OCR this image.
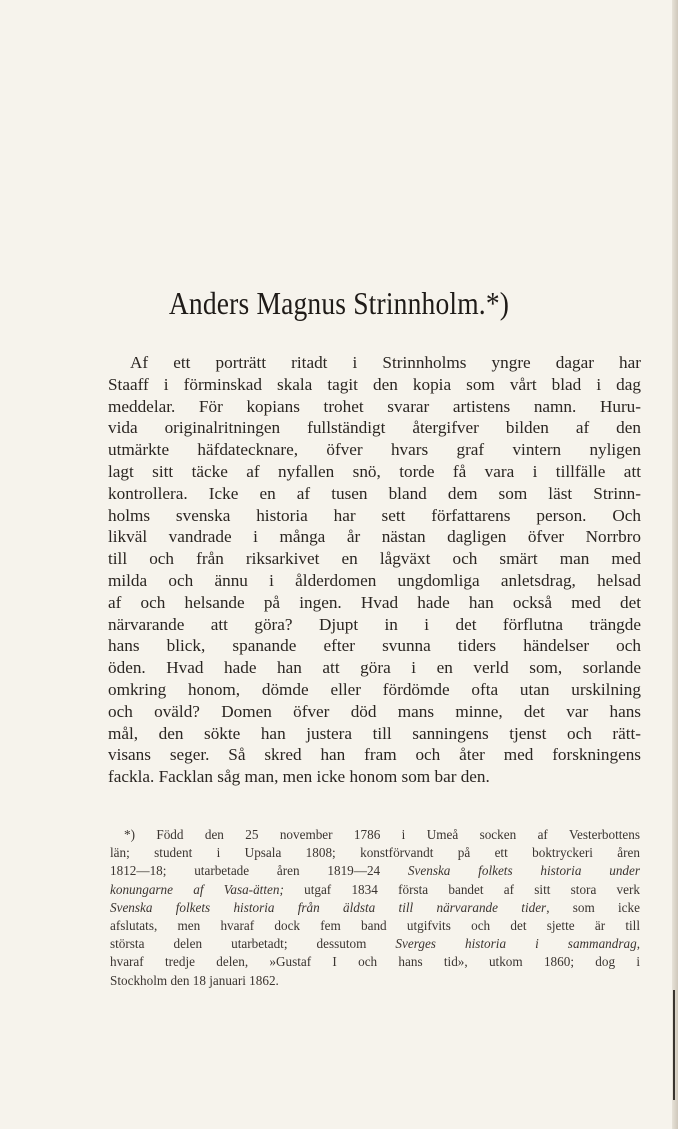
Anders Magnus Strinnholm.*)
Af ett porträtt ritadt i Strinnholms yngre dagar har
Staaff i förminskad skala tagit den kopia som vårt blad i dag
meddelar. För kopians trohet svarar artistens namn. Huru-
vida originalritningen fullständigt återgifver bilden af den
utmärkte häfdatecknare, öfver hvars graf vintern nyligen
lagt sitt täcke af nyfallen snö, torde få vara i tillfälle att
kontrollera. Icke en af tusen bland dem som läst Strinn-
holms svenska historia har sett författarens person. Och
likväl vandrade i många år nästan dagligen öfver Norrbro
till och från riksarkivet en lågväxt och smärt man med
milda och ännu i ålderdomen ungdomliga anletsdrag, helsad
af och helsande på ingen. Hvad hade han också med det
närvarande att göra? Djupt in i det förflutna trängde
hans blick, spanande efter svunna tiders händelser och
öden. Hvad hade han att göra i en verld som, sorlande
omkring honom, dömde eller fördömde ofta utan urskilning
och oväld? Domen öfver död mans minne, det var hans
mål, den sökte han justera till sanningens tjenst och rätt-
visans seger. Så skred han fram och åter med forskningens
fackla. Facklan såg man, men icke honom som bar den.
*) Född den 25 november 1786 i Umeå socken af Vesterbottens
län; student i Upsala 1808; konstförvandt på ett boktryckeri åren
1812—18; utarbetade åren 1819—24 Svenska folkets historia under
konungarne af Vasa-ätten; utgaf 1834 första bandet af sitt stora verk
Svenska folkets historia från äldsta till närvarande tider, som icke
afslutats, men hvaraf dock fem band utgifvits och det sjette är till
största delen utarbetadt; dessutom Sverges historia i sammandrag,
hvaraf tredje delen, »Gustaf I och hans tid», utkom 1860; dog i
Stockholm den 18 januari 1862.
